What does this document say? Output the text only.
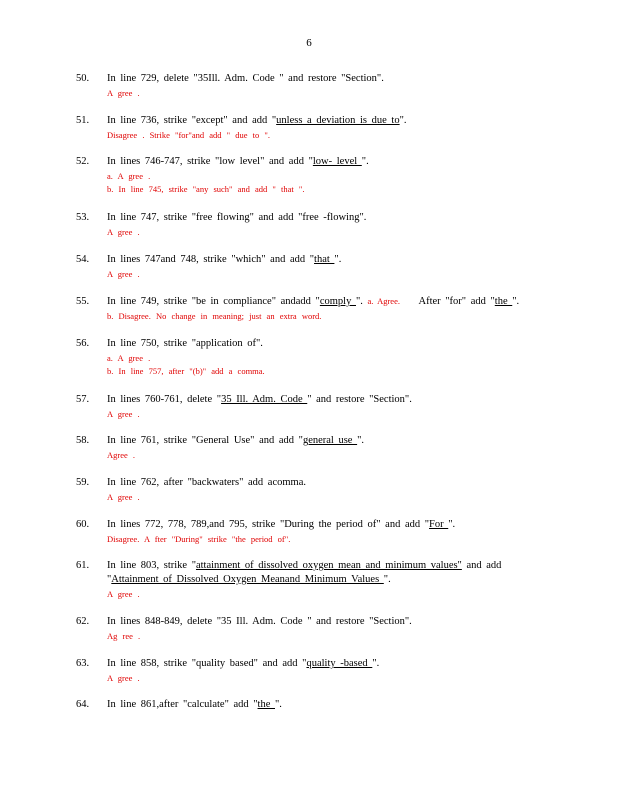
6
50. In line 729, delete "35Ill. Adm. Code " and restore "Section".
A gree .
51. In line 736, strike "except" and add "unless a deviation is due to".
Disagree . Strike "for"and add " due to ".
52. In lines 746-747, strike "low level" and add "low- level ".
a. A gree .
b. In line 745, strike "any such" and add " that ".
53. In line 747, strike "free flowing" and add "free -flowing".
A gree .
54. In lines 747and 748, strike "which" and add "that ".
A gree .
55. In line 749, strike "be in compliance" andadd "comply ". a. Agree. After "for" add "the ".
b. Disagree. No change in meaning; just an extra word.
56. In line 750, strike "application of".
a. A gree .
b. In line 757, after "(b)" add a comma.
57. In lines 760-761, delete "35 Ill. Adm. Code " and restore "Section".
A gree .
58. In line 761, strike "General Use" and add "general use ".
Agree .
59. In line 762, after "backwaters" add acomma.
A gree .
60. In lines 772, 778, 789,and 795, strike "During the period of" and add "For ".
Disagree. A fter "During" strike "the period of".
61. In line 803, strike "attainment of dissolved oxygen mean and minimum values" and add
"Attainment of Dissolved Oxygen Meanand Minimum Values ".
A gree .
62. In lines 848-849, delete "35 Ill. Adm. Code " and restore "Section".
Ag ree .
63. In line 858, strike "quality based" and add "quality -based ".
A gree .
64. In line 861,after "calculate" add "the ".
